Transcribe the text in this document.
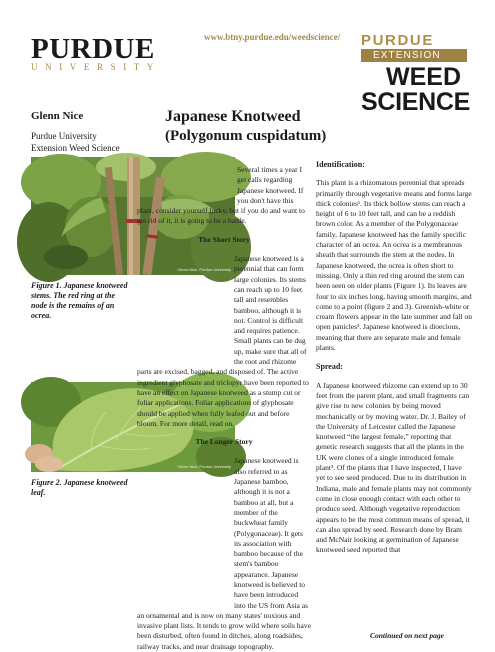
PURDUE
UNIVERSITY
www.btny.purdue.edu/weedscience/ PURDUE
EXTENSION
WEED
SCIENCE
Glenn Nice
Purdue University
Extension Weed Science
Glenn Nice, Purdue University
Figure 1. Japanese knotweed stems. The red ring at the node is the remains of an ocrea.
Glenn Nice, Purdue University
Figure 2. Japanese knotweed leaf.
Japanese Knotweed
(Polygonum cuspidatum)

Several times a year I get calls regarding Japanese knotweed. If you don't have this plant, consider yourself lucky, but if you do and want to get rid of it, it is going to be a battle.

The Short Story

Japanese knotweed is a perennial that can form large colonies. Its stems can reach up to 10 feet tall and resembles bamboo, although it is not. Control is difficult and requires patience. Small plants can be dug up, make sure that all of the root and rhizome parts are excised, bagged, and disposed of. The active ingredient glyphosate and triclopyr have been reported to have an effect on Japanese knotweed as a stump cut or foliar applications. Foliar applications of glyphosate should be applied when fully leafed out and before bloom. For more detail, read on.

The Longer Story

Japanese knotweed is also referred to as Japanese bamboo, although it is not a bamboo at all, but a member of the buckwheat family (Polygonaceae). It gets its association with bamboo because of the stem's bamboo appearance. Japanese knotweed is believed to have been introduced into the US from Asia as an ornamental and is now on many states' noxious and invasive plant lists. It tends to grow wild where soils have been disturbed, often found in ditches, along roadsides, railway tracks, and near drainage topography.

Identification:

This plant is a rhizomatous perennial that spreads primarily through vegetative means and forms large thick colonies¹. Its thick hollow stems can reach a height of 6 to 10 feet tall, and can be a reddish brown color. As a member of the Polygonaceae family, Japanese knotweed has the family specific character of an ocrea. An ocrea is a membranous sheath that surrounds the stem at the nodes. In Japanese knotweed, the ocrea is often short to missing. Only a thin red ring around the stem can been seen on older plants (Figure 1). Its leaves are four to six inches long, having smooth margins, and come to a point (figure 2 and 3). Greenish-white or cream flowers appear in the late summer and fall on open panicles². Japanese knotweed is dioecious, meaning that there are separate male and female plants.

Spread:

A Japanese knotweed rhizome can extend up to 30 feet from the parent plant, and small fragments can give rise to new colonies by being moved mechanically or by moving water. Dr. J. Bailey of the University of Leicester called the Japanese knotweed “the largest female,” reporting that genetic research suggests that all the plants in the UK were clones of a single introduced female plant³. Of the plants that I have inspected, I have yet to see seed produced. Due to its distribution in Indiana, male and female plants may not commonly come in close enough contact with each other to produce seed. Although vegetative reproduction appears to be the most common means of spread, it can also spread by seed. Research done by Bram and McNair looking at germination of Japanese knotweed seed reported that

Continued on next page
